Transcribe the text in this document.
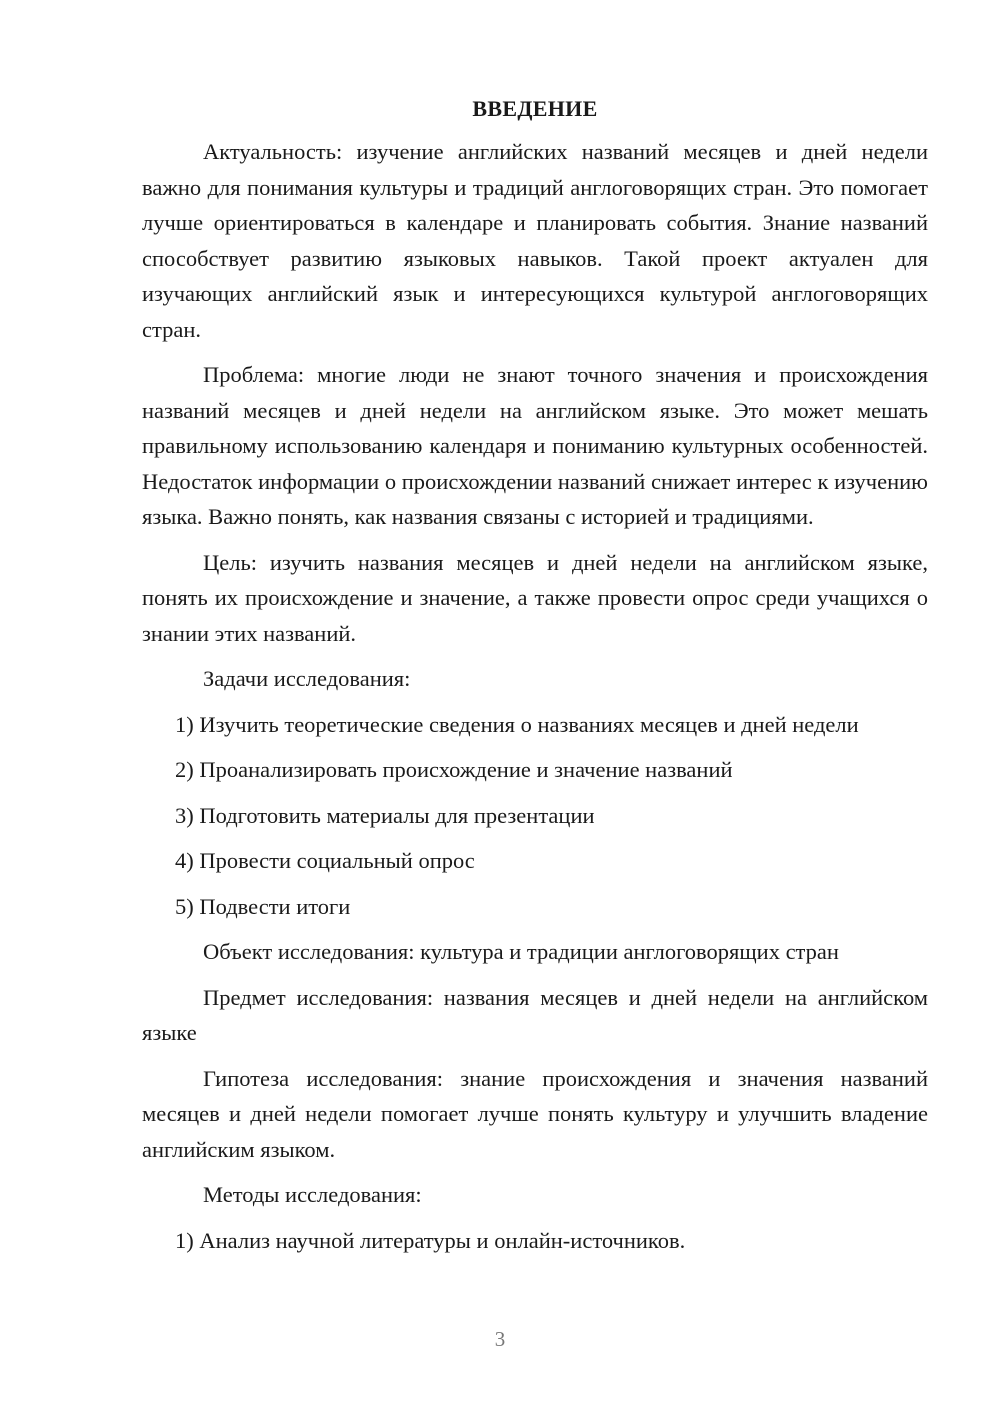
ВВЕДЕНИЕ

Актуальность: изучение английских названий месяцев и дней недели важно для понимания культуры и традиций англоговорящих стран. Это помогает лучше ориентироваться в календаре и планировать события. Знание названий способствует развитию языковых навыков. Такой проект актуален для изучающих английский язык и интересующихся культурой англоговорящих стран.

Проблема: многие люди не знают точного значения и происхождения названий месяцев и дней недели на английском языке. Это может мешать правильному использованию календаря и пониманию культурных особенностей. Недостаток информации о происхождении названий снижает интерес к изучению языка. Важно понять, как названия связаны с историей и традициями.

Цель: изучить названия месяцев и дней недели на английском языке, понять их происхождение и значение, а также провести опрос среди учащихся о знании этих названий.

Задачи исследования:

1) Изучить теоретические сведения о названиях месяцев и дней недели

2) Проанализировать происхождение и значение названий

3) Подготовить материалы для презентации

4) Провести социальный опрос

5) Подвести итоги

Объект исследования: культура и традиции англоговорящих стран

Предмет исследования: названия месяцев и дней недели на английском языке

Гипотеза исследования: знание происхождения и значения названий месяцев и дней недели помогает лучше понять культуру и улучшить владение английским языком.

Методы исследования:

1) Анализ научной литературы и онлайн-источников.

3
